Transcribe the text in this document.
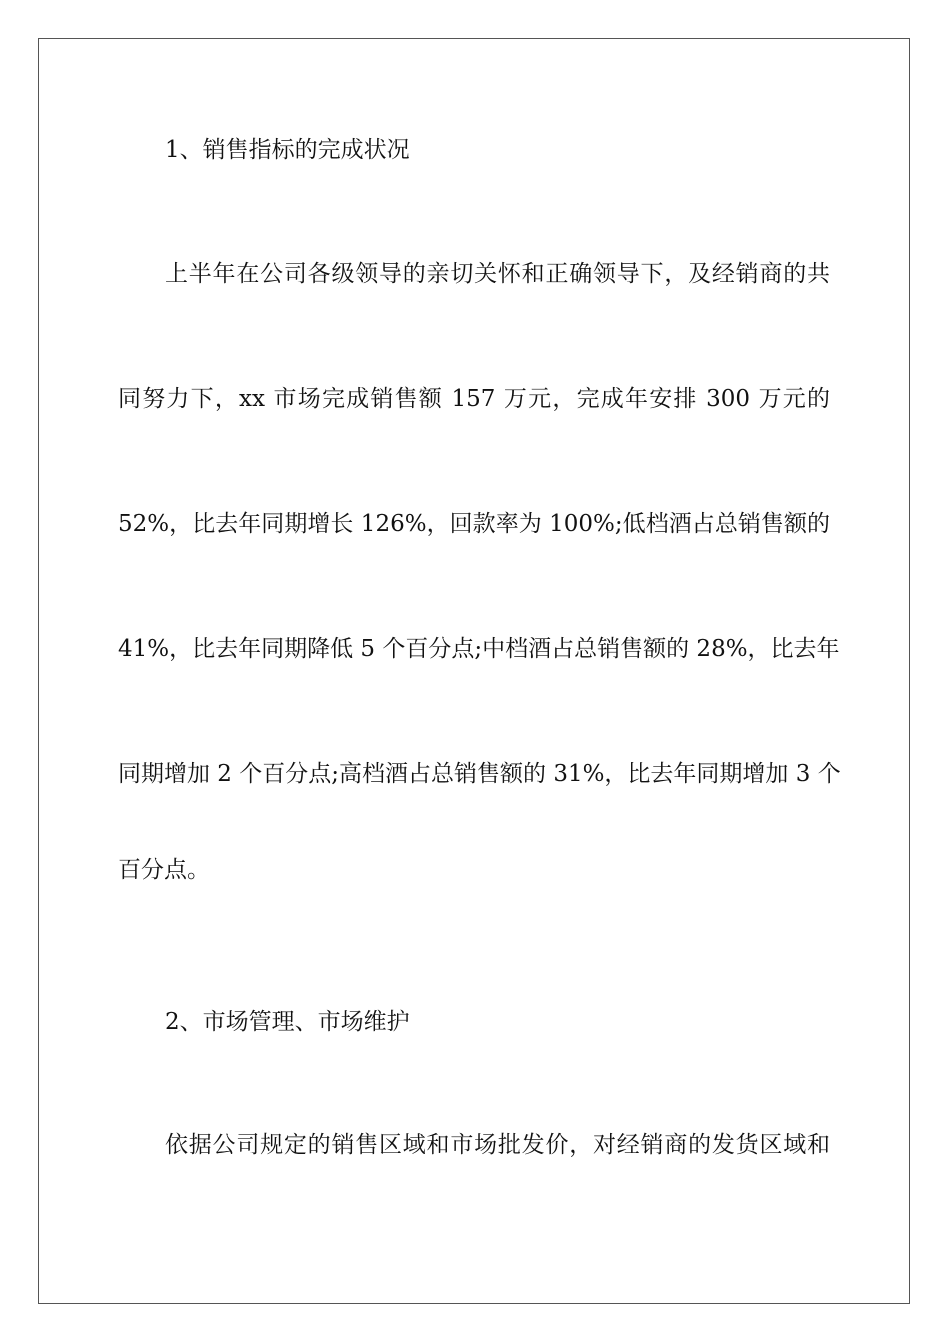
1、销售指标的完成状况
上半年在公司各级领导的亲切关怀和正确领导下，及经销商的共
同努力下，xx 市场完成销售额 157 万元，完成年安排 300 万元的
52%，比去年同期增长 126%，回款率为 100%;低档酒占总销售额的
41%，比去年同期降低 5 个百分点;中档酒占总销售额的 28%，比去年
同期增加 2 个百分点;高档酒占总销售额的 31%，比去年同期增加 3 个
百分点。
2、市场管理、市场维护
依据公司规定的销售区域和市场批发价，对经销商的发货区域和
